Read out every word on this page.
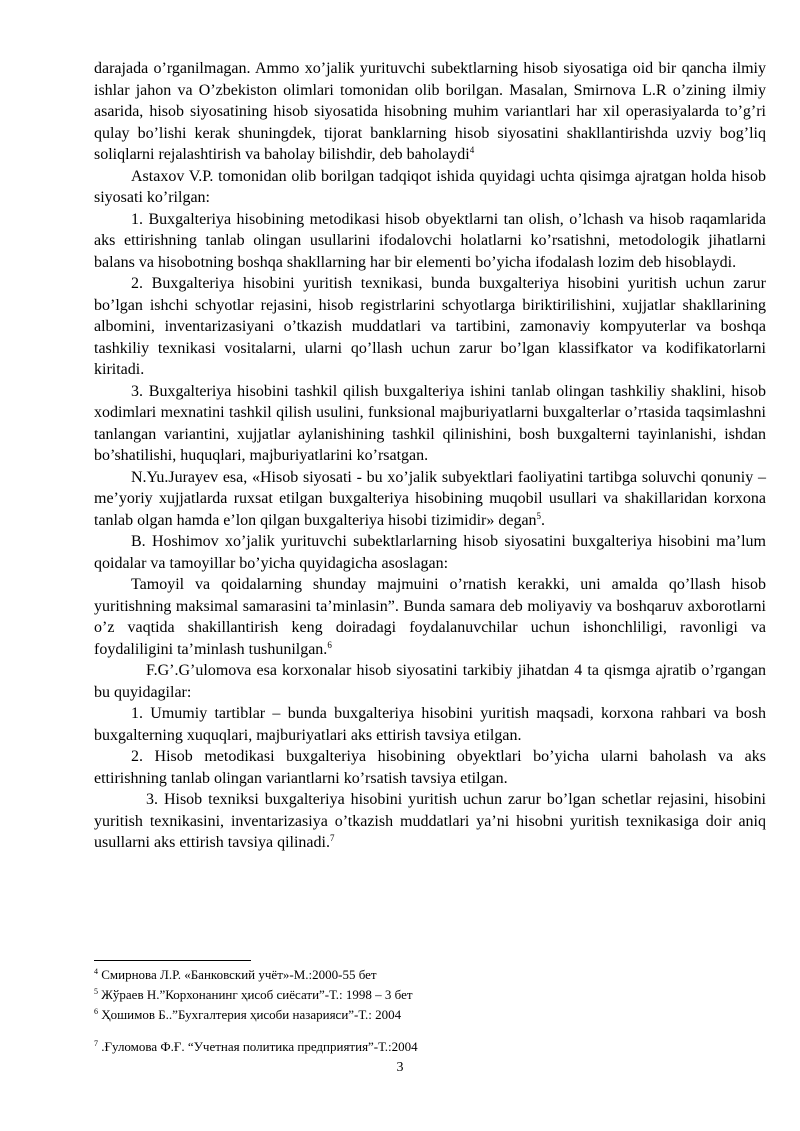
darajada o’rganilmagan. Ammo xo’jalik yurituvchi subektlarning hisob siyosatiga oid bir qancha ilmiy ishlar jahon va O’zbekiston olimlari tomonidan olib borilgan. Masalan, Smirnova L.R o’zining ilmiy asarida, hisob siyosatining hisob siyosatida hisobning muhim variantlari har xil operasiyalarda to’g’ri qulay bo’lishi kerak shuningdek, tijorat banklarning hisob siyosatini shakllantirishda uzviy bog’liq soliqlarni rejalashtirish va baholay bilishdir, deb baholaydi$^4$

Astaxov V.P. tomonidan olib borilgan tadqiqot ishida quyidagi uchta qisimga ajratgan holda hisob siyosati ko’rilgan:

1. Buxgalteriya hisobining metodikasi hisob obyektlarni tan olish, o’lchash va hisob raqamlarida aks ettirishning tanlab olingan usullarini ifodalovchi holatlarni ko’rsatishni, metodologik jihatlarni balans va hisobotning boshqa shakllarning har bir elementi bo’yicha ifodalash lozim deb hisoblaydi.

2. Buxgalteriya hisobini yuritish texnikasi, bunda buxgalteriya hisobini yuritish uchun zarur bo’lgan ishchi schyotlar rejasini, hisob registrlarini schyotlarga biriktirilishini, xujjatlar shakllarining albomini, inventarizasiyani o’tkazish muddatlari va tartibini, zamonaviy kompyuterlar va boshqa tashkiliy texnikasi vositalarni, ularni qo’llash uchun zarur bo’lgan klassifkator va kodifikatorlarni kiritadi.

3. Buxgalteriya hisobini tashkil qilish buxgalteriya ishini tanlab olingan tashkiliy shaklini, hisob xodimlari mexnatini tashkil qilish usulini, funksional majburiyatlarni buxgalterlar o’rtasida taqsimlashni tanlangan variantini, xujjatlar aylanishining tashkil qilinishini, bosh buxgalterni tayinlanishi, ishdan bo’shatilishi, huquqlari, majburiyatlarini ko’rsatgan.

N.Yu.Jurayev esa, «Hisob siyosati - bu xo’jalik subyektlari faoliyatini tartibga soluvchi qonuniy – me’yoriy xujjatlarda ruxsat etilgan buxgalteriya hisobining muqobil usullari va shakillaridan korxona tanlab olgan hamda e’lon qilgan buxgalteriya hisobi tizimidir» degan$^5$.

B. Hoshimov xo’jalik yurituvchi subektlarlarning hisob siyosatini buxgalteriya hisobini ma’lum qoidalar va tamoyillar bo’yicha quyidagicha asoslagan:

Tamoyil va qoidalarning shunday majmuini o’rnatish kerakki, uni amalda qo’llash hisob yuritishning maksimal samarasini ta’minlasin”. Bunda samara deb moliyaviy va boshqaruv axborotlarni o’z vaqtida shakillantirish keng doiradagi foydalanuvchilar uchun ishonchliligi, ravonligi va foydaliligini ta’minlash tushunilgan.$^6$

F.G’.G’ulomova esa korxonalar hisob siyosatini tarkibiy jihatdan 4 ta qismga ajratib o’rgangan bu quyidagilar:

1. Umumiy tartiblar – bunda buxgalteriya hisobini yuritish maqsadi, korxona rahbari va bosh buxgalterning xuquqlari, majburiyatlari aks ettirish tavsiya etilgan.

2. Hisob metodikasi buxgalteriya hisobining obyektlari bo’yicha ularni baholash va aks ettirishning tanlab olingan variantlarni ko’rsatish tavsiya etilgan.

3. Hisob texniksi buxgalteriya hisobini yuritish uchun zarur bo’lgan schetlar rejasini, hisobini yuritish texnikasini, inventarizasiya o’tkazish muddatlari ya’ni hisobni yuritish texnikasiga doir aniq usullarni aks ettirish tavsiya qilinadi.$^7$

$^4$ Смирнова Л.Р. «Банковский учёт»-М.:2000-55 бет

$^5$ Жўраев Н.”Корхонанинг ҳисоб сиёсати”-Т.: 1998 – 3 бет

$^6$ Ҳошимов Б..”Бухгалтерия ҳисоби назарияси”-Т.: 2004

$^7$ .Ғуломова Ф.Ғ. “Учетная политика предприятия”-Т.:2004

3
